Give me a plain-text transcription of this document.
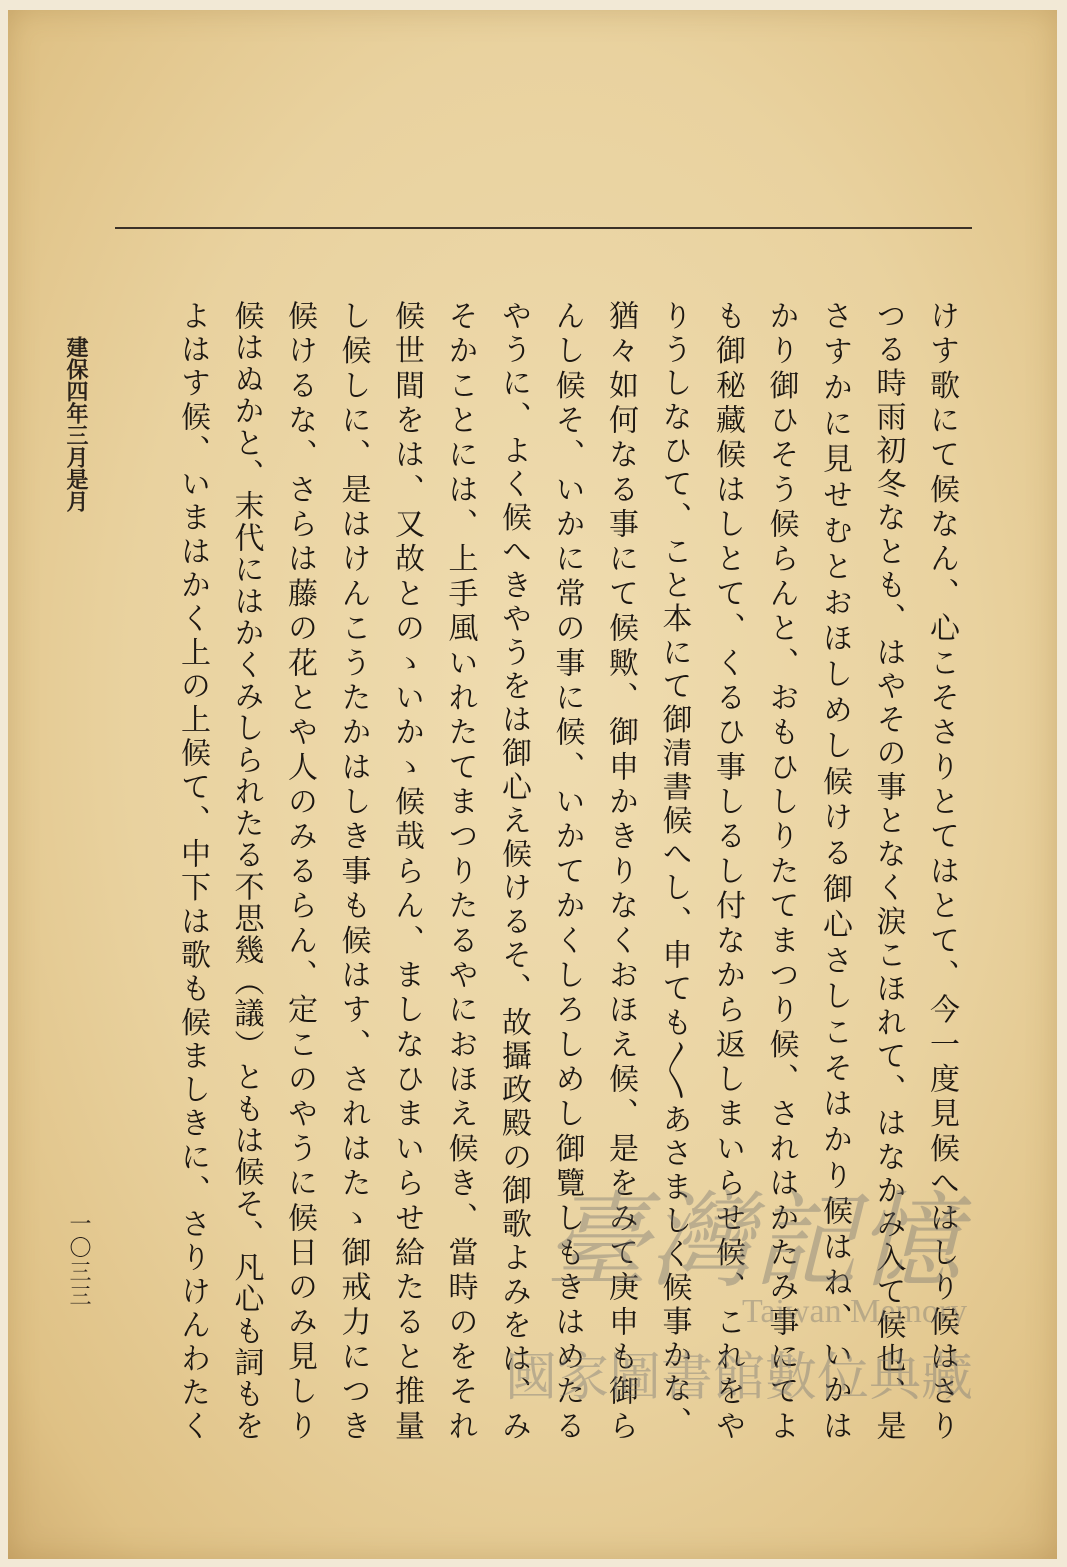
けす歌にて候なん、心こそさりとてはとて、今一度見候へはしり候はさり
つる時雨初冬なとも、はやその事となく涙こほれて、はなかみ入て候也、是
さすかに見せむとおほしめし候ける御心さしこそはかり候はね、いかは
かり御ひそう候らんと、おもひしりたてまつり候、されはかたみ事にてよ
も御秘藏候はしとて、くるひ事しるし付なから返しまいらせ候、これをや
りうしなひて、こと本にて御清書候へし、申ても〳〵あさましく候事かな、
猶々如何なる事にて候歟、御申かきりなくおほえ候、是をみて庚申も御ら
んし候そ、いかに常の事に候、いかてかくしろしめし御覽しもきはめたる
やうに、よく候へきやうをは御心え候けるそ、故攝政殿の御歌よみをは、み
そかことには、上手風いれたてまつりたるやにおほえ候き、當時のをそれ
候世間をは、又故とのゝいかゝ候哉らん、ましなひまいらせ給たると推量
し候しに、是はけんこうたかはしき事も候はす、されはたゝ御戒力につき
候けるな、さらは藤の花とや人のみるらん、定このやうに候日のみ見しり
候はぬかと、末代にはかくみしられたる不思幾（議）ともは候そ、凡心も詞もを
よはす候、いまはかく上の上候て、中下は歌も候ましきに、さりけんわたく
建保四年三月是月
一〇三三	臺灣記憶
Taiwan Memory
國家圖書館數位典藏
